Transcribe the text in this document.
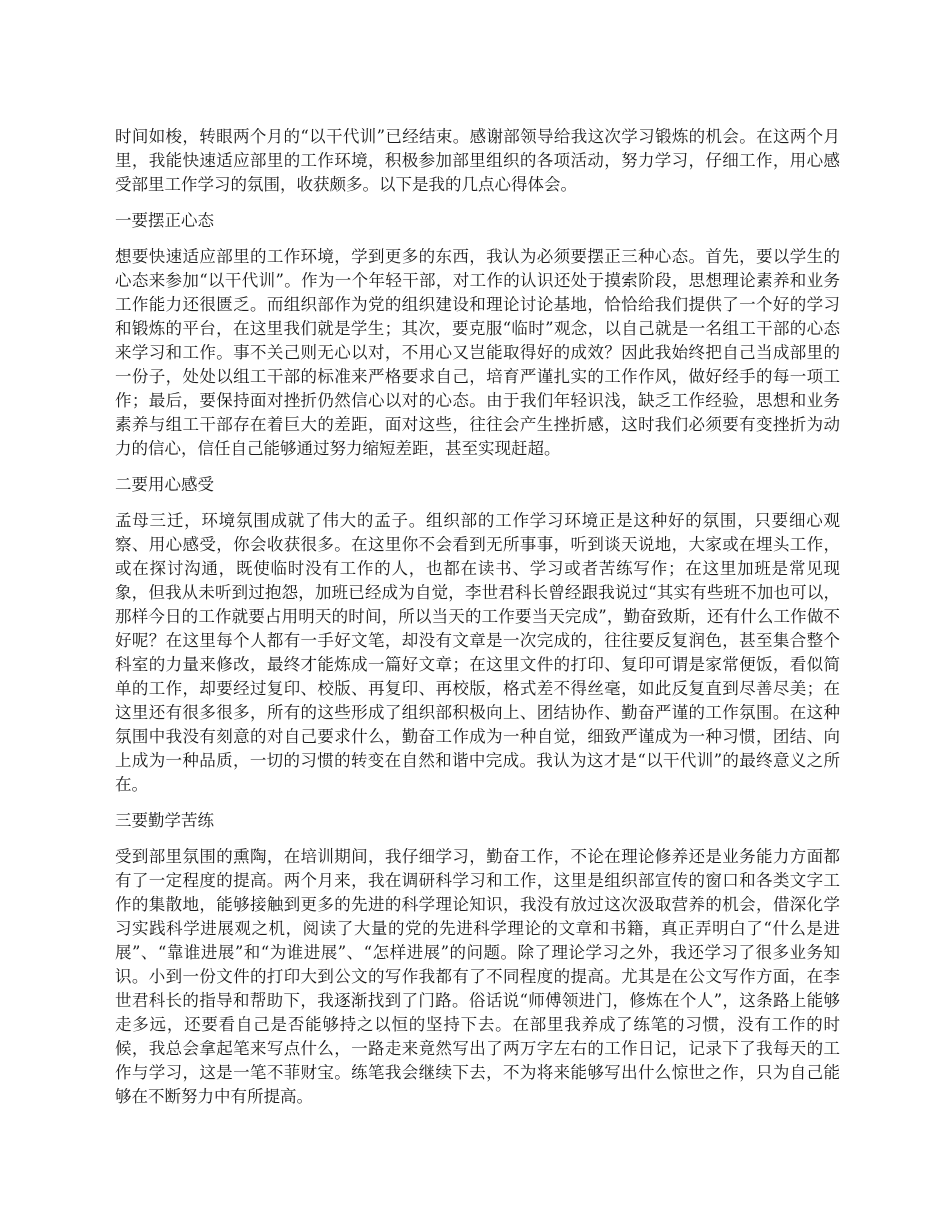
时间如梭，转眼两个月的“以干代训”已经结束。感谢部领导给我这次学习锻炼的机会。在这两个月里，我能快速适应部里的工作环境，积极参加部里组织的各项活动，努力学习，仔细工作，用心感受部里工作学习的氛围，收获颇多。以下是我的几点心得体会。

一要摆正心态

想要快速适应部里的工作环境，学到更多的东西，我认为必须要摆正三种心态。首先，要以学生的心态来参加“以干代训”。作为一个年轻干部，对工作的认识还处于摸索阶段，思想理论素养和业务工作能力还很匮乏。而组织部作为党的组织建设和理论讨论基地，恰恰给我们提供了一个好的学习和锻炼的平台，在这里我们就是学生；其次，要克服“临时”观念，以自己就是一名组工干部的心态来学习和工作。事不关己则无心以对，不用心又岂能取得好的成效？因此我始终把自己当成部里的一份子，处处以组工干部的标准来严格要求自己，培育严谨扎实的工作作风，做好经手的每一项工作；最后，要保持面对挫折仍然信心以对的心态。由于我们年轻识浅，缺乏工作经验，思想和业务素养与组工干部存在着巨大的差距，面对这些，往往会产生挫折感，这时我们必须要有变挫折为动力的信心，信任自己能够通过努力缩短差距，甚至实现赶超。

二要用心感受

孟母三迁，环境氛围成就了伟大的孟子。组织部的工作学习环境正是这种好的氛围，只要细心观察、用心感受，你会收获很多。在这里你不会看到无所事事，听到谈天说地，大家或在埋头工作，或在探讨沟通，既使临时没有工作的人，也都在读书、学习或者苦练写作；在这里加班是常见现象，但我从未听到过抱怨，加班已经成为自觉，李世君科长曾经跟我说过“其实有些班不加也可以，那样今日的工作就要占用明天的时间，所以当天的工作要当天完成”，勤奋致斯，还有什么工作做不好呢？在这里每个人都有一手好文笔，却没有文章是一次完成的，往往要反复润色，甚至集合整个科室的力量来修改，最终才能炼成一篇好文章；在这里文件的打印、复印可谓是家常便饭，看似简单的工作，却要经过复印、校版、再复印、再校版，格式差不得丝毫，如此反复直到尽善尽美；在这里还有很多很多，所有的这些形成了组织部积极向上、团结协作、勤奋严谨的工作氛围。在这种氛围中我没有刻意的对自己要求什么，勤奋工作成为一种自觉，细致严谨成为一种习惯，团结、向上成为一种品质，一切的习惯的转变在自然和谐中完成。我认为这才是“以干代训”的最终意义之所在。

三要勤学苦练

受到部里氛围的熏陶，在培训期间，我仔细学习，勤奋工作，不论在理论修养还是业务能力方面都有了一定程度的提高。两个月来，我在调研科学习和工作，这里是组织部宣传的窗口和各类文字工作的集散地，能够接触到更多的先进的科学理论知识，我没有放过这次汲取营养的机会，借深化学习实践科学进展观之机，阅读了大量的党的先进科学理论的文章和书籍，真正弄明白了“什么是进展”、“靠谁进展”和“为谁进展”、“怎样进展”的问题。除了理论学习之外，我还学习了很多业务知识。小到一份文件的打印大到公文的写作我都有了不同程度的提高。尤其是在公文写作方面，在李世君科长的指导和帮助下，我逐渐找到了门路。俗话说“师傅领进门，修炼在个人”，这条路上能够走多远，还要看自己是否能够持之以恒的坚持下去。在部里我养成了练笔的习惯，没有工作的时候，我总会拿起笔来写点什么，一路走来竟然写出了两万字左右的工作日记，记录下了我每天的工作与学习，这是一笔不菲财宝。练笔我会继续下去，不为将来能够写出什么惊世之作，只为自己能够在不断努力中有所提高。
